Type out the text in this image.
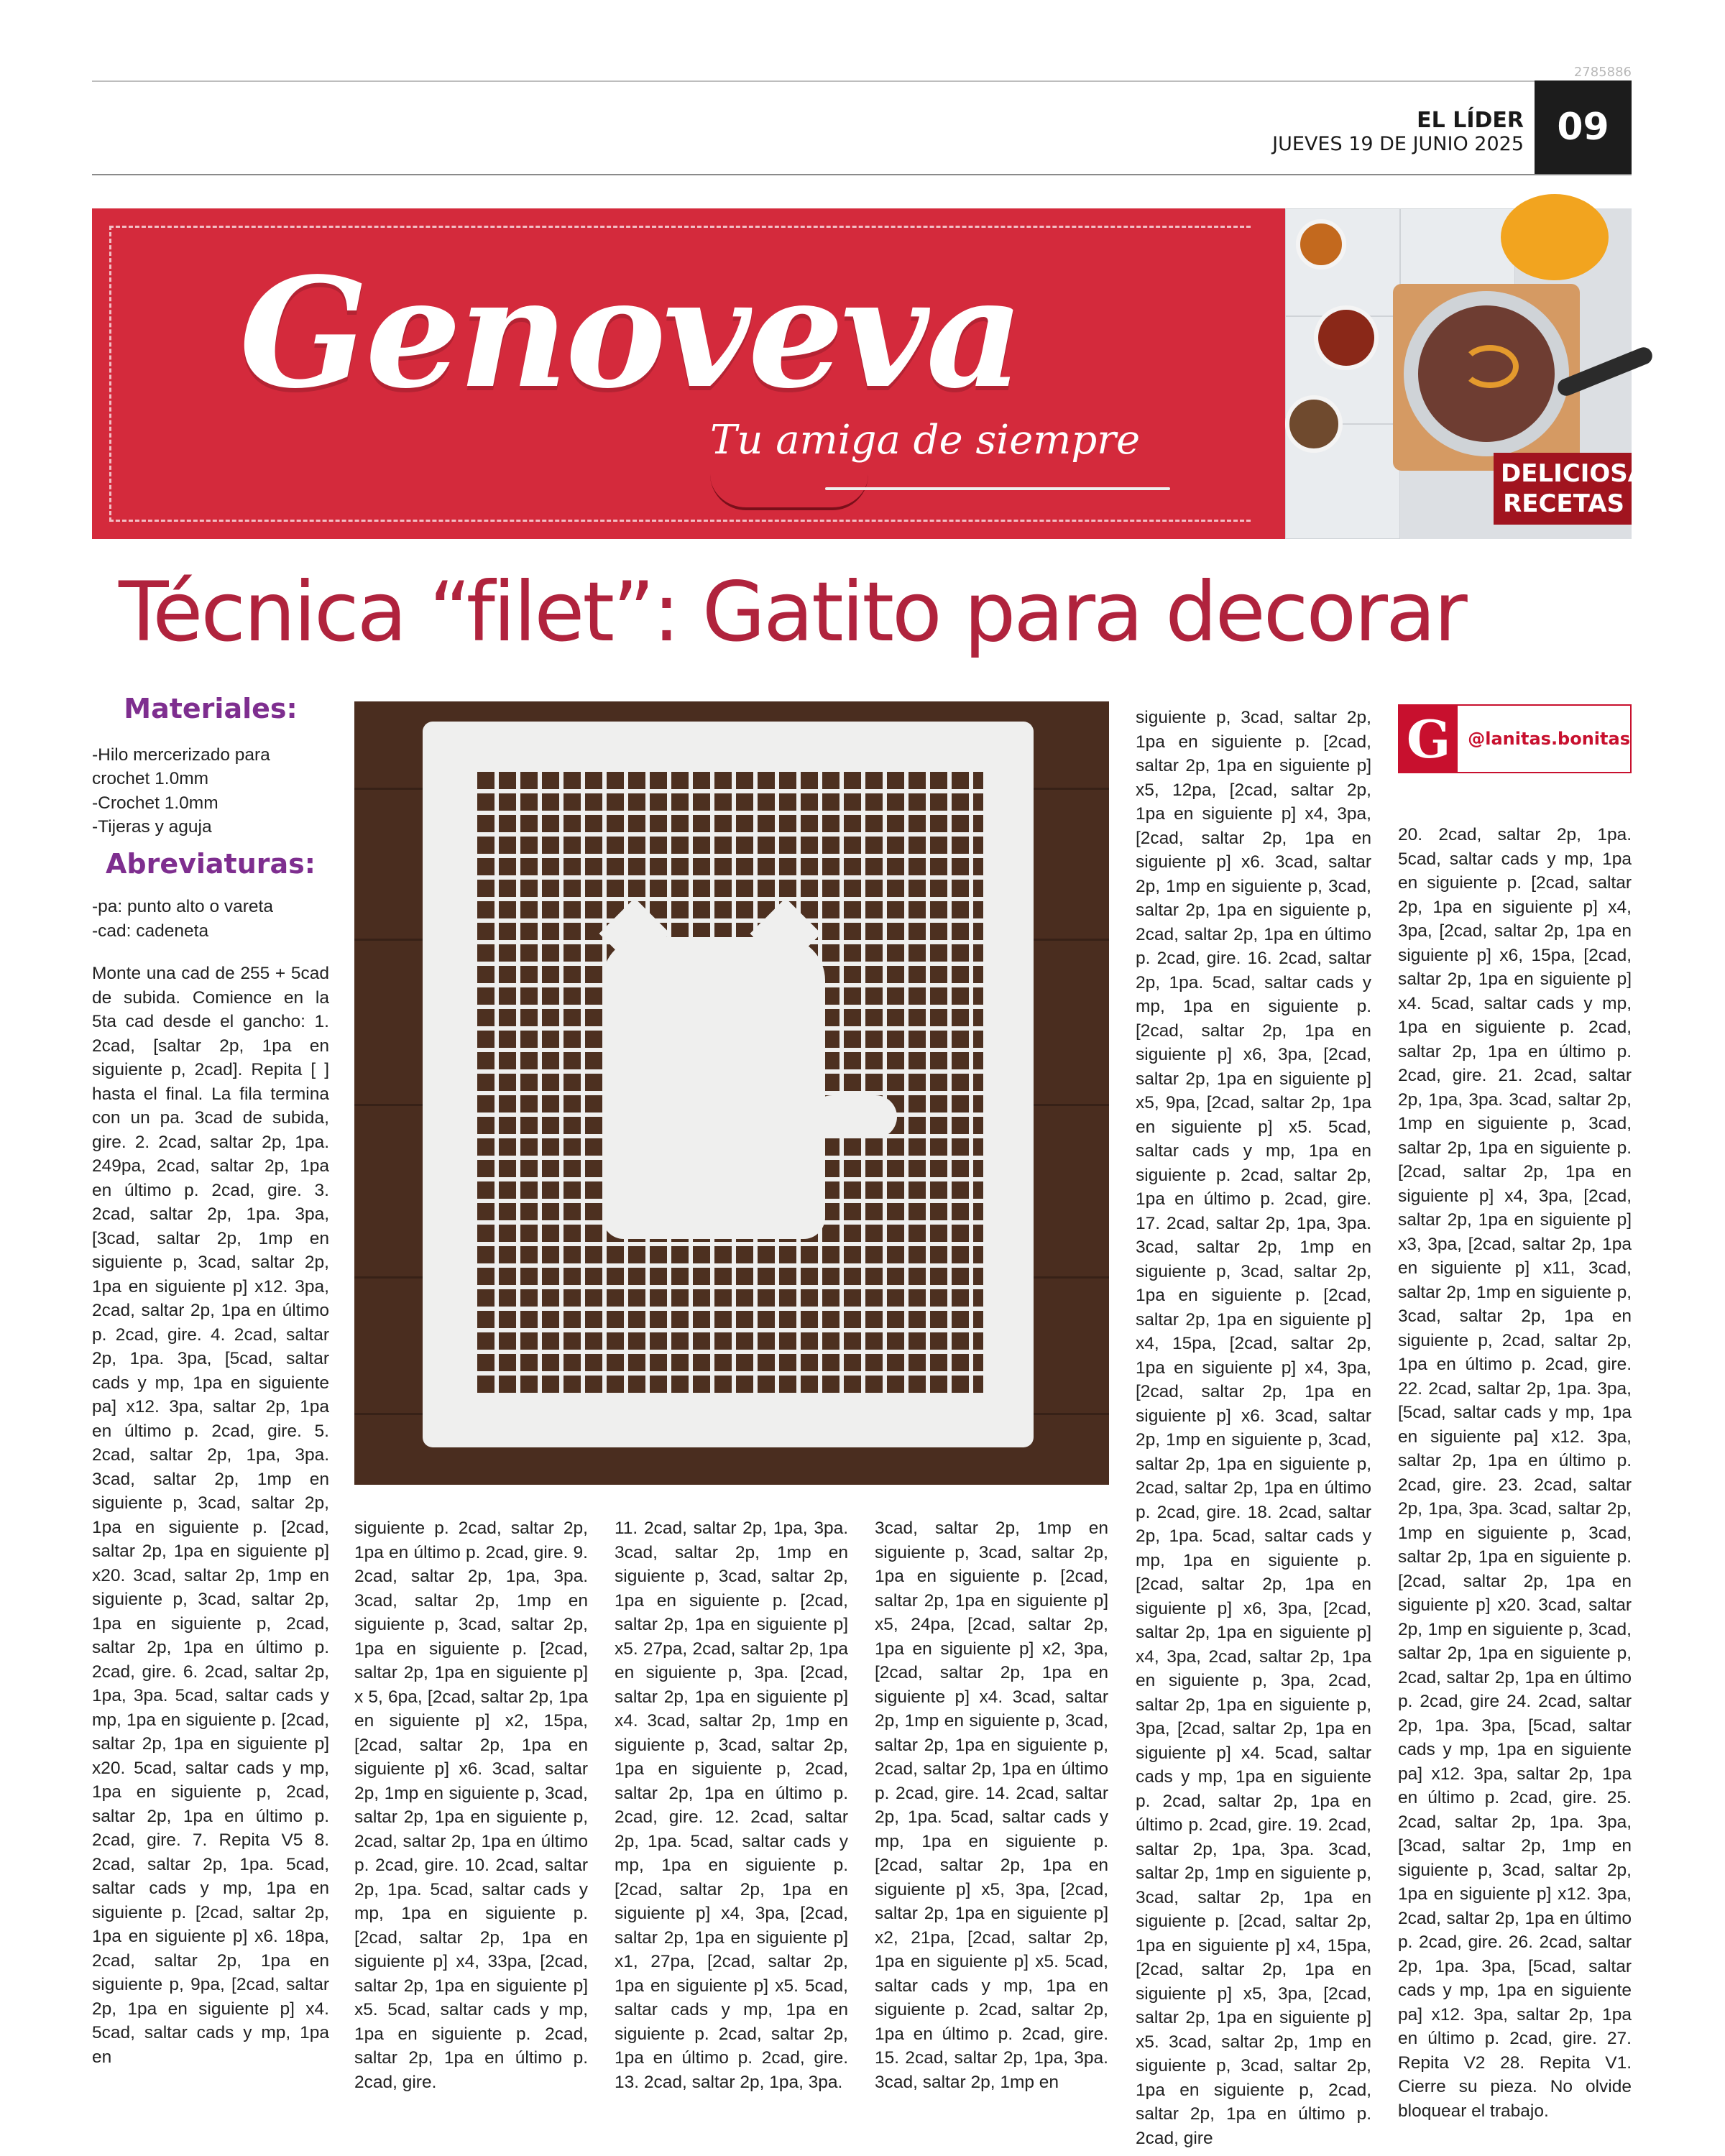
2785886
EL LÍDER
JUEVES 19 DE JUNIO 2025 09
Genoveva
Tu amiga de siempre
DELICIOSAS
RECETAS
Técnica “filet”: Gatito para decorar
Materiales:

-Hilo mercerizado para crochet 1.0mm

-Crochet 1.0mm

-Tijeras y aguja

Abreviaturas:

-pa: punto alto o vareta

-cad: cadeneta

Monte una cad de 255 + 5cad de subida. Comience en la 5ta cad desde el gancho: 1. 2cad, [saltar 2p, 1pa en siguiente p, 2cad]. Repita [ ] hasta el final. La fila termina con un pa. 3cad de subida, gire. 2. 2cad, saltar 2p, 1pa. 249pa, 2cad, saltar 2p, 1pa en último p. 2cad, gire. 3. 2cad, saltar 2p, 1pa. 3pa, [3cad, saltar 2p, 1mp en siguiente p, 3cad, saltar 2p, 1pa en siguiente p] x12. 3pa, 2cad, saltar 2p, 1pa en último p. 2cad, gire. 4. 2cad, saltar 2p, 1pa. 3pa, [5cad, saltar cads y mp, 1pa en siguiente pa] x12. 3pa, saltar 2p, 1pa en último p. 2cad, gire. 5. 2cad, saltar 2p, 1pa, 3pa. 3cad, saltar 2p, 1mp en siguiente p, 3cad, saltar 2p, 1pa en siguiente p. [2cad, saltar 2p, 1pa en siguiente p] x20. 3cad, saltar 2p, 1mp en siguiente p, 3cad, saltar 2p, 1pa en siguiente p, 2cad, saltar 2p, 1pa en último p. 2cad, gire. 6. 2cad, saltar 2p, 1pa, 3pa. 5cad, saltar cads y mp, 1pa en siguiente p. [2cad, saltar 2p, 1pa en siguiente p] x20. 5cad, saltar cads y mp, 1pa en siguiente p, 2cad, saltar 2p, 1pa en último p. 2cad, gire. 7. Repita V5 8. 2cad, saltar 2p, 1pa. 5cad, saltar cads y mp, 1pa en siguiente p. [2cad, saltar 2p, 1pa en siguiente p] x6. 18pa, 2cad, saltar 2p, 1pa en siguiente p, 9pa, [2cad, saltar 2p, 1pa en siguiente p] x4. 5cad, saltar cads y mp, 1pa en

siguiente p. 2cad, saltar 2p, 1pa en último p. 2cad, gire. 9. 2cad, saltar 2p, 1pa, 3pa. 3cad, saltar 2p, 1mp en siguiente p, 3cad, saltar 2p, 1pa en siguiente p. [2cad, saltar 2p, 1pa en siguiente p] x 5, 6pa, [2cad, saltar 2p, 1pa en siguiente p] x2, 15pa, [2cad, saltar 2p, 1pa en siguiente p] x6. 3cad, saltar 2p, 1mp en siguiente p, 3cad, saltar 2p, 1pa en siguiente p, 2cad, saltar 2p, 1pa en último p. 2cad, gire. 10. 2cad, saltar 2p, 1pa. 5cad, saltar cads y mp, 1pa en siguiente p. [2cad, saltar 2p, 1pa en siguiente p] x4, 33pa, [2cad, saltar 2p, 1pa en siguiente p] x5. 5cad, saltar cads y mp, 1pa en siguiente p. 2cad, saltar 2p, 1pa en último p. 2cad, gire.

11. 2cad, saltar 2p, 1pa, 3pa. 3cad, saltar 2p, 1mp en siguiente p, 3cad, saltar 2p, 1pa en siguiente p. [2cad, saltar 2p, 1pa en siguiente p] x5. 27pa, 2cad, saltar 2p, 1pa en siguiente p, 3pa. [2cad, saltar 2p, 1pa en siguiente p] x4. 3cad, saltar 2p, 1mp en siguiente p, 3cad, saltar 2p, 1pa en siguiente p, 2cad, saltar 2p, 1pa en último p. 2cad, gire. 12. 2cad, saltar 2p, 1pa. 5cad, saltar cads y mp, 1pa en siguiente p. [2cad, saltar 2p, 1pa en siguiente p] x4, 3pa, [2cad, saltar 2p, 1pa en siguiente p] x1, 27pa, [2cad, saltar 2p, 1pa en siguiente p] x5. 5cad, saltar cads y mp, 1pa en siguiente p. 2cad, saltar 2p, 1pa en último p. 2cad, gire. 13. 2cad, saltar 2p, 1pa, 3pa.

3cad, saltar 2p, 1mp en siguiente p, 3cad, saltar 2p, 1pa en siguiente p. [2cad, saltar 2p, 1pa en siguiente p] x5, 24pa, [2cad, saltar 2p, 1pa en siguiente p] x2, 3pa, [2cad, saltar 2p, 1pa en siguiente p] x4. 3cad, saltar 2p, 1mp en siguiente p, 3cad, saltar 2p, 1pa en siguiente p, 2cad, saltar 2p, 1pa en último p. 2cad, gire. 14. 2cad, saltar 2p, 1pa. 5cad, saltar cads y mp, 1pa en siguiente p. [2cad, saltar 2p, 1pa en siguiente p] x5, 3pa, [2cad, saltar 2p, 1pa en siguiente p] x2, 21pa, [2cad, saltar 2p, 1pa en siguiente p] x5. 5cad, saltar cads y mp, 1pa en siguiente p. 2cad, saltar 2p, 1pa en último p. 2cad, gire. 15. 2cad, saltar 2p, 1pa, 3pa. 3cad, saltar 2p, 1mp en

siguiente p, 3cad, saltar 2p, 1pa en siguiente p. [2cad, saltar 2p, 1pa en siguiente p] x5, 12pa, [2cad, saltar 2p, 1pa en siguiente p] x4, 3pa, [2cad, saltar 2p, 1pa en siguiente p] x6. 3cad, saltar 2p, 1mp en siguiente p, 3cad, saltar 2p, 1pa en siguiente p, 2cad, saltar 2p, 1pa en último p. 2cad, gire. 16. 2cad, saltar 2p, 1pa. 5cad, saltar cads y mp, 1pa en siguiente p. [2cad, saltar 2p, 1pa en siguiente p] x6, 3pa, [2cad, saltar 2p, 1pa en siguiente p] x5, 9pa, [2cad, saltar 2p, 1pa en siguiente p] x5. 5cad, saltar cads y mp, 1pa en siguiente p. 2cad, saltar 2p, 1pa en último p. 2cad, gire. 17. 2cad, saltar 2p, 1pa, 3pa. 3cad, saltar 2p, 1mp en siguiente p, 3cad, saltar 2p, 1pa en siguiente p. [2cad, saltar 2p, 1pa en siguiente p] x4, 15pa, [2cad, saltar 2p, 1pa en siguiente p] x4, 3pa, [2cad, saltar 2p, 1pa en siguiente p] x6. 3cad, saltar 2p, 1mp en siguiente p, 3cad, saltar 2p, 1pa en siguiente p, 2cad, saltar 2p, 1pa en último p. 2cad, gire. 18. 2cad, saltar 2p, 1pa. 5cad, saltar cads y mp, 1pa en siguiente p. [2cad, saltar 2p, 1pa en siguiente p] x6, 3pa, [2cad, saltar 2p, 1pa en siguiente p] x4, 3pa, 2cad, saltar 2p, 1pa en siguiente p, 3pa, 2cad, saltar 2p, 1pa en siguiente p, 3pa, [2cad, saltar 2p, 1pa en siguiente p] x4. 5cad, saltar cads y mp, 1pa en siguiente p. 2cad, saltar 2p, 1pa en último p. 2cad, gire. 19. 2cad, saltar 2p, 1pa, 3pa. 3cad, saltar 2p, 1mp en siguiente p, 3cad, saltar 2p, 1pa en siguiente p. [2cad, saltar 2p, 1pa en siguiente p] x4, 15pa, [2cad, saltar 2p, 1pa en siguiente p] x5, 3pa, [2cad, saltar 2p, 1pa en siguiente p] x5. 3cad, saltar 2p, 1mp en siguiente p, 3cad, saltar 2p, 1pa en siguiente p, 2cad, saltar 2p, 1pa en último p. 2cad, gire

G @lanitas.bonitas

20. 2cad, saltar 2p, 1pa. 5cad, saltar cads y mp, 1pa en siguiente p. [2cad, saltar 2p, 1pa en siguiente p] x4, 3pa, [2cad, saltar 2p, 1pa en siguiente p] x6, 15pa, [2cad, saltar 2p, 1pa en siguiente p] x4. 5cad, saltar cads y mp, 1pa en siguiente p. 2cad, saltar 2p, 1pa en último p. 2cad, gire. 21. 2cad, saltar 2p, 1pa, 3pa. 3cad, saltar 2p, 1mp en siguiente p, 3cad, saltar 2p, 1pa en siguiente p. [2cad, saltar 2p, 1pa en siguiente p] x4, 3pa, [2cad, saltar 2p, 1pa en siguiente p] x3, 3pa, [2cad, saltar 2p, 1pa en siguiente p] x11, 3cad, saltar 2p, 1mp en siguiente p, 3cad, saltar 2p, 1pa en siguiente p, 2cad, saltar 2p, 1pa en último p. 2cad, gire. 22. 2cad, saltar 2p, 1pa. 3pa, [5cad, saltar cads y mp, 1pa en siguiente pa] x12. 3pa, saltar 2p, 1pa en último p. 2cad, gire. 23. 2cad, saltar 2p, 1pa, 3pa. 3cad, saltar 2p, 1mp en siguiente p, 3cad, saltar 2p, 1pa en siguiente p. [2cad, saltar 2p, 1pa en siguiente p] x20. 3cad, saltar 2p, 1mp en siguiente p, 3cad, saltar 2p, 1pa en siguiente p, 2cad, saltar 2p, 1pa en último p. 2cad, gire 24. 2cad, saltar 2p, 1pa. 3pa, [5cad, saltar cads y mp, 1pa en siguiente pa] x12. 3pa, saltar 2p, 1pa en último p. 2cad, gire. 25. 2cad, saltar 2p, 1pa. 3pa, [3cad, saltar 2p, 1mp en siguiente p, 3cad, saltar 2p, 1pa en siguiente p] x12. 3pa, 2cad, saltar 2p, 1pa en último p. 2cad, gire. 26. 2cad, saltar 2p, 1pa. 3pa, [5cad, saltar cads y mp, 1pa en siguiente pa] x12. 3pa, saltar 2p, 1pa en último p. 2cad, gire. 27. Repita V2 28. Repita V1. Cierre su pieza. No olvide bloquear el trabajo.
